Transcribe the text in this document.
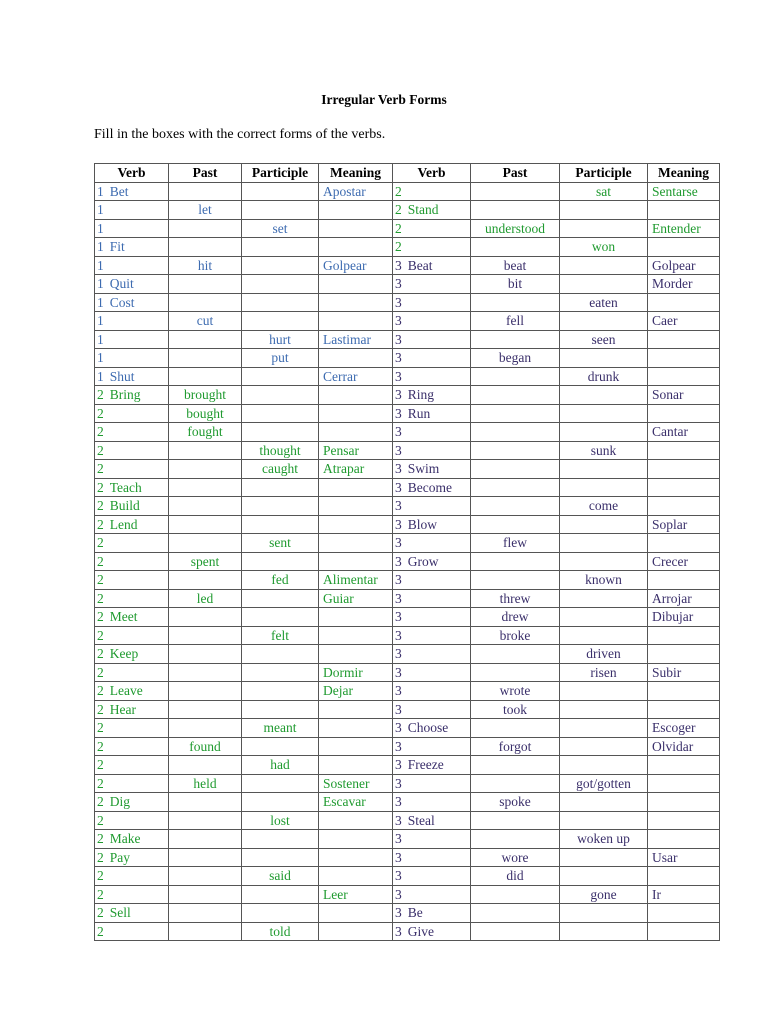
Irregular Verb Forms
Fill in the boxes with the correct forms of the verbs.
Verb	Past	Participle	Meaning	Verb	Past	Participle	Meaning
1 Bet			Apostar	2		sat	Sentarse
1	let			2 Stand			
1		set		2	understood		Entender
1 Fit				2		won	
1	hit		Golpear	3 Beat	beat		Golpear
1 Quit				3	bit		Morder
1 Cost				3		eaten	
1	cut			3	fell		Caer
1		hurt	Lastimar	3		seen	
1		put		3	began		
1 Shut			Cerrar	3		drunk	
2 Bring	brought			3 Ring			Sonar
2	bought			3 Run			
2	fought			3			Cantar
2		thought	Pensar	3		sunk	
2		caught	Atrapar	3 Swim			
2 Teach				3 Become			
2 Build				3		come	
2 Lend				3 Blow			Soplar
2		sent		3	flew		
2	spent			3 Grow			Crecer
2		fed	Alimentar	3		known	
2	led		Guiar	3	threw		Arrojar
2 Meet				3	drew		Dibujar
2		felt		3	broke		
2 Keep				3		driven	
2			Dormir	3		risen	Subir
2 Leave			Dejar	3	wrote		
2 Hear				3	took		
2		meant		3 Choose			Escoger
2	found			3	forgot		Olvidar
2		had		3 Freeze			
2	held		Sostener	3		got/gotten	
2 Dig			Escavar	3	spoke		
2		lost		3 Steal			
2 Make				3		woken up	
2 Pay				3	wore		Usar
2		said		3	did		
2			Leer	3		gone	Ir
2 Sell				3 Be			
2		told		3 Give			
